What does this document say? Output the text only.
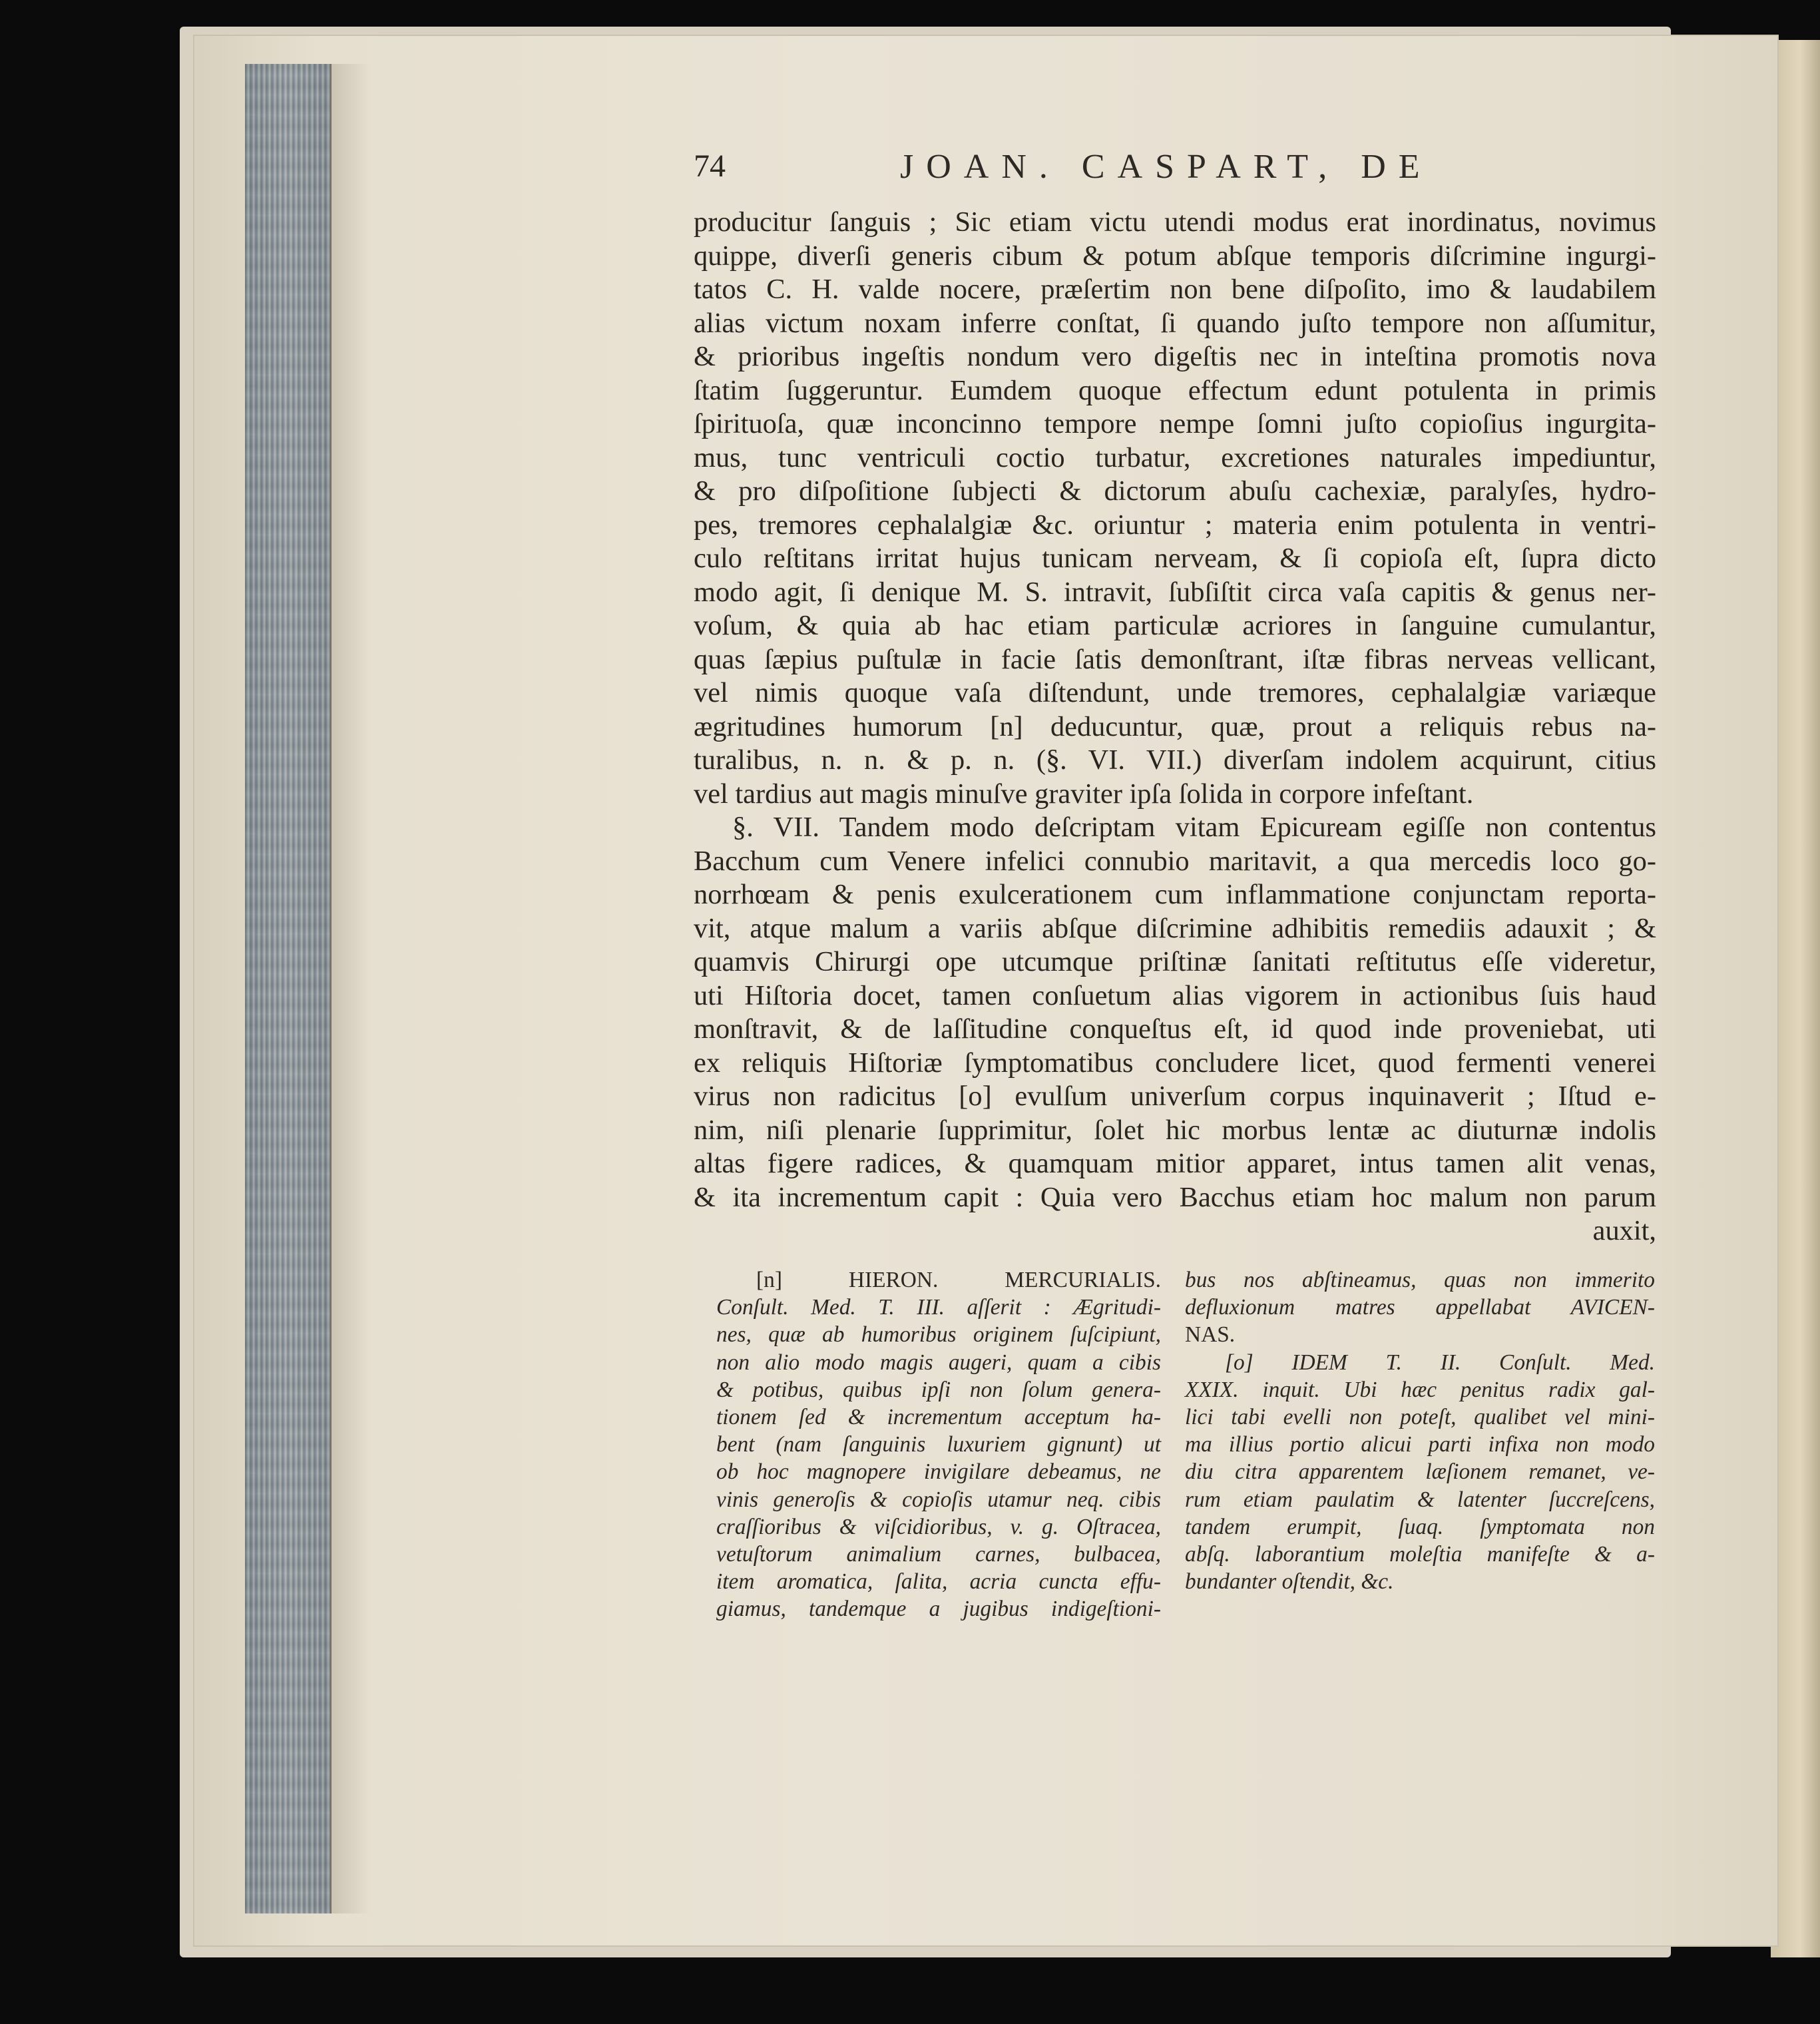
74	JOAN. CASPART, DE
producitur ſanguis ; Sic etiam victu utendi modus erat inordinatus, novimus
quippe, diverſi generis cibum & potum abſque temporis diſcrimine ingurgi-
tatos C. H. valde nocere, præſertim non bene diſpoſito, imo & laudabilem
alias victum noxam inferre conſtat, ſi quando juſto tempore non aſſumitur,
& prioribus ingeſtis nondum vero digeſtis nec in inteſtina promotis nova
ſtatim ſuggeruntur. Eumdem quoque effectum edunt potulenta in primis
ſpirituoſa, quæ inconcinno tempore nempe ſomni juſto copioſius ingurgita-
mus, tunc ventriculi coctio turbatur, excretiones naturales impediuntur,
& pro diſpoſitione ſubjecti & dictorum abuſu cachexiæ, paralyſes, hydro-
pes, tremores cephalalgiæ &c. oriuntur ; materia enim potulenta in ventri-
culo reſtitans irritat hujus tunicam nerveam, & ſi copioſa eſt, ſupra dicto
modo agit, ſi denique M. S. intravit, ſubſiſtit circa vaſa capitis & genus ner-
voſum, & quia ab hac etiam particulæ acriores in ſanguine cumulantur,
quas ſæpius puſtulæ in facie ſatis demonſtrant, iſtæ fibras nerveas vellicant,
vel nimis quoque vaſa diſtendunt, unde tremores, cephalalgiæ variæque
ægritudines humorum [n] deducuntur, quæ, prout a reliquis rebus na-
turalibus, n. n. & p. n. (§. VI. VII.) diverſam indolem acquirunt, citius
vel tardius aut magis minuſve graviter ipſa ſolida in corpore infeſtant.
§. VII. Tandem modo deſcriptam vitam Epicuream egiſſe non contentus
Bacchum cum Venere infelici connubio maritavit, a qua mercedis loco go-
norrhœam & penis exulcerationem cum inflammatione conjunctam reporta-
vit, atque malum a variis abſque diſcrimine adhibitis remediis adauxit ; &
quamvis Chirurgi ope utcumque priſtinæ ſanitati reſtitutus eſſe videretur,
uti Hiſtoria docet, tamen conſuetum alias vigorem in actionibus ſuis haud
monſtravit, & de laſſitudine conqueſtus eſt, id quod inde proveniebat, uti
ex reliquis Hiſtoriæ ſymptomatibus concludere licet, quod fermenti venerei
virus non radicitus [o] evulſum univerſum corpus inquinaverit ; Iſtud e-
nim, niſi plenarie ſupprimitur, ſolet hic morbus lentæ ac diuturnæ indolis
altas figere radices, & quamquam mitior apparet, intus tamen alit venas,
& ita incrementum capit : Quia vero Bacchus etiam hoc malum non parum
auxit,
[n] HIERON. MERCURIALIS.
Conſult. Med. T. III. aſſerit : Ægritudi-
nes, quæ ab humoribus originem ſuſcipiunt,
non alio modo magis augeri, quam a cibis
& potibus, quibus ipſi non ſolum genera-
tionem ſed & incrementum acceptum ha-
bent (nam ſanguinis luxuriem gignunt) ut
ob hoc magnopere invigilare debeamus, ne
vinis generoſis & copioſis utamur neq. cibis
craſſioribus & viſcidioribus, v. g. Oſtracea,
vetuſtorum animalium carnes, bulbacea,
item aromatica, ſalita, acria cuncta effu-
giamus, tandemque a jugibus indigeſtioni-
bus nos abſtineamus, quas non immerito
defluxionum matres appellabat AVICEN-
NAS.
[o] IDEM T. II. Conſult. Med.
XXIX. inquit. Ubi hæc penitus radix gal-
lici tabi evelli non poteſt, qualibet vel mini-
ma illius portio alicui parti infixa non modo
diu citra apparentem læſionem remanet, ve-
rum etiam paulatim & latenter ſuccreſcens,
tandem erumpit, ſuaq. ſymptomata non
abſq. laborantium moleſtia manifeſte & a-
bundanter oſtendit, &c.
